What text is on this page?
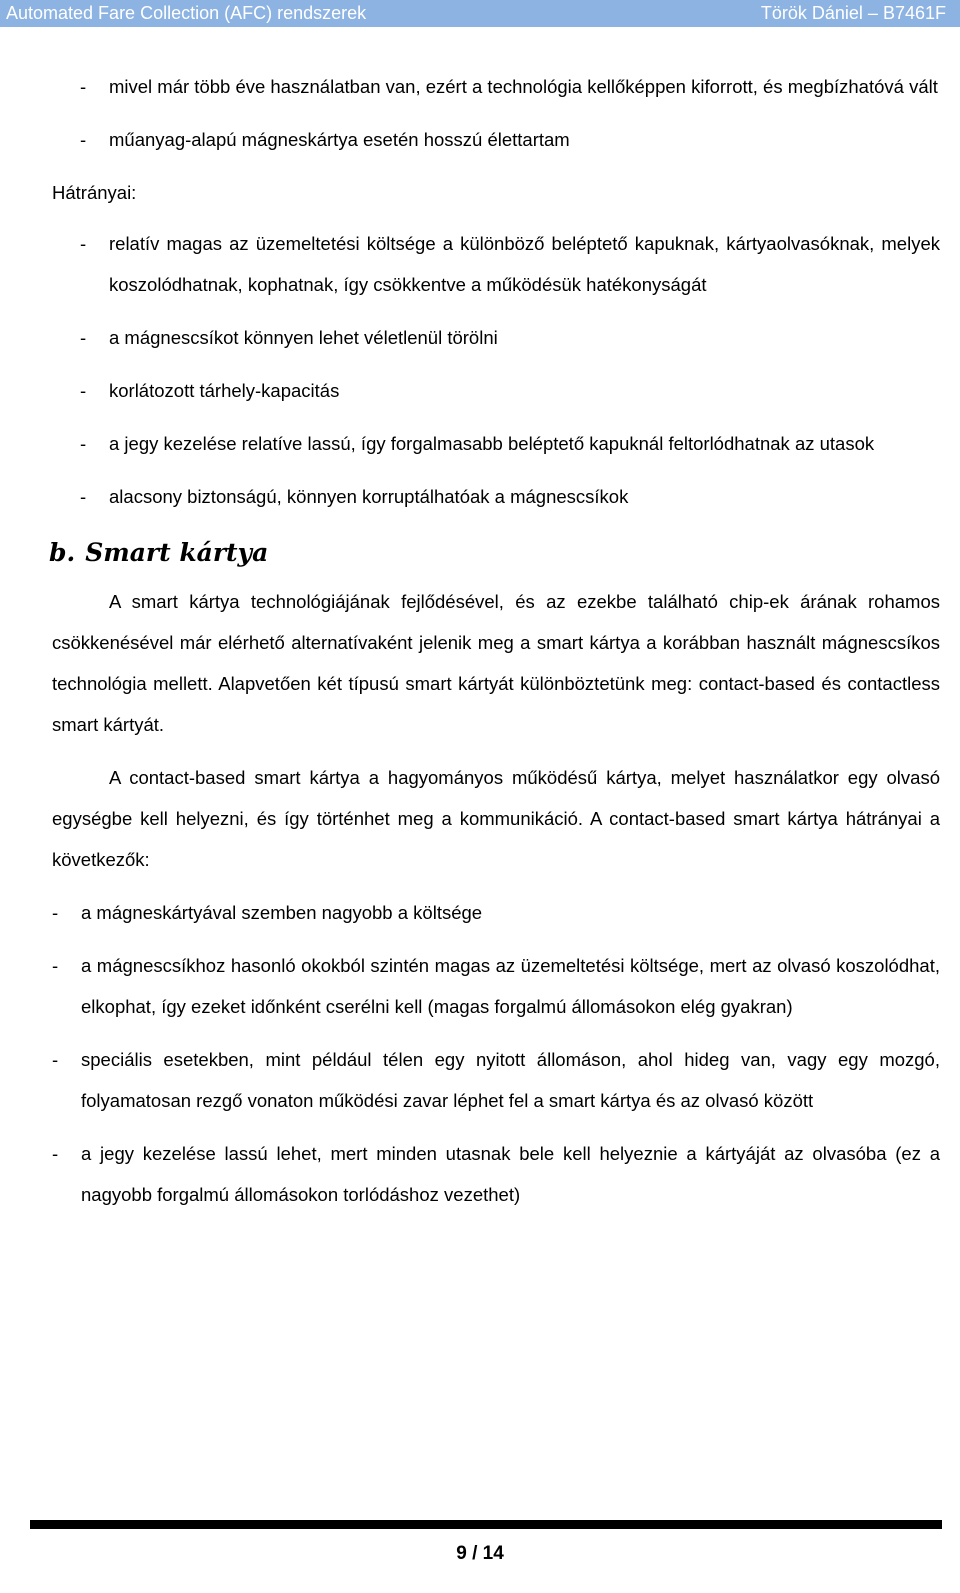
Automated Fare Collection (AFC) rendszerek	Török Dániel – B7461F
- mivel már több éve használatban van, ezért a technológia kellőképpen kiforrott, és megbízhatóvá vált
- műanyag-alapú mágneskártya esetén hosszú élettartam
Hátrányai:
- relatív magas az üzemeltetési költsége a különböző beléptető kapuknak, kártyaolvasóknak, melyek koszolódhatnak, kophatnak, így csökkentve a működésük hatékonyságát
- a mágnescsíkot könnyen lehet véletlenül törölni
- korlátozott tárhely-kapacitás
- a jegy kezelése relatíve lassú, így forgalmasabb beléptető kapuknál feltorlódhatnak az utasok
- alacsony biztonságú, könnyen korruptálhatóak a mágnescsíkok
b. Smart kártya

A smart kártya technológiájának fejlődésével, és az ezekbe található chip-ek árának rohamos csökkenésével már elérhető alternatívaként jelenik meg a smart kártya a korábban használt mágnescsíkos technológia mellett. Alapvetően két típusú smart kártyát különböztetünk meg: contact-based és contactless smart kártyát.

A contact-based smart kártya a hagyományos működésű kártya, melyet használatkor egy olvasó egységbe kell helyezni, és így történhet meg a kommunikáció. A contact-based smart kártya hátrányai a következők:

- a mágneskártyával szemben nagyobb a költsége
- a mágnescsíkhoz hasonló okokból szintén magas az üzemeltetési költsége, mert az olvasó koszolódhat, elkophat, így ezeket időnként cserélni kell (magas forgalmú állomásokon elég gyakran)
- speciális esetekben, mint például télen egy nyitott állomáson, ahol hideg van, vagy egy mozgó, folyamatosan rezgő vonaton működési zavar léphet fel a smart kártya és az olvasó között
- a jegy kezelése lassú lehet, mert minden utasnak bele kell helyeznie a kártyáját az olvasóba (ez a nagyobb forgalmú állomásokon torlódáshoz vezethet)
9 / 14
